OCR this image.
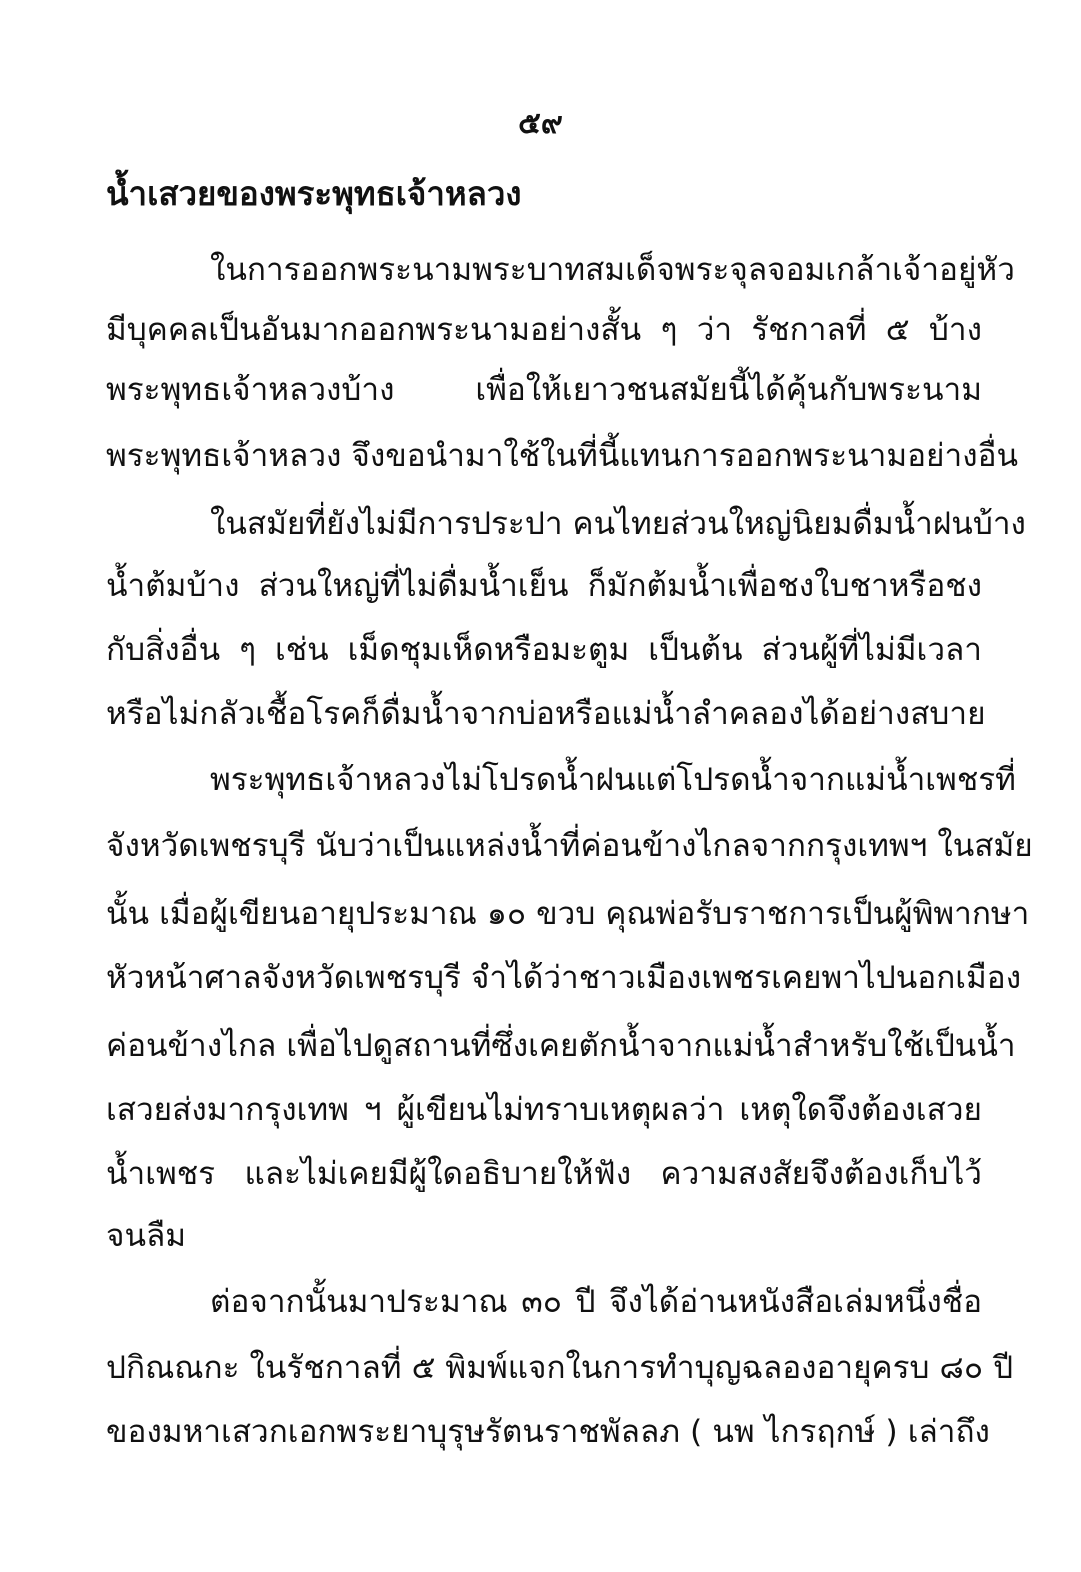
๕๙
น้ำเสวยของพระพุทธเจ้าหลวง
ในการออกพระนามพระบาทสมเด็จพระจุลจอมเกล้าเจ้าอยู่หัว
มีบุคคลเป็นอันมากออกพระนามอย่างสั้น ๆ ว่า รัชกาลที่ ๕ บ้าง
พระพุทธเจ้าหลวงบ้าง เพื่อให้เยาวชนสมัยนี้ได้คุ้นกับพระนาม
พระพุทธเจ้าหลวง จึงขอนำมาใช้ในที่นี้แทนการออกพระนามอย่างอื่น
ในสมัยที่ยังไม่มีการประปา คนไทยส่วนใหญ่นิยมดื่มน้ำฝนบ้าง
น้ำต้มบ้าง ส่วนใหญ่ที่ไม่ดื่มน้ำเย็น ก็มักต้มน้ำเพื่อชงใบชาหรือชง
กับสิ่งอื่น ๆ เช่น เม็ดชุมเห็ดหรือมะตูม เป็นต้น ส่วนผู้ที่ไม่มีเวลา
หรือไม่กลัวเชื้อโรคก็ดื่มน้ำจากบ่อหรือแม่น้ำลำคลองได้อย่างสบาย
พระพุทธเจ้าหลวงไม่โปรดน้ำฝนแต่โปรดน้ำจากแม่น้ำเพชรที่
จังหวัดเพชรบุรี นับว่าเป็นแหล่งน้ำที่ค่อนข้างไกลจากกรุงเทพฯ ในสมัย
นั้น เมื่อผู้เขียนอายุประมาณ ๑๐ ขวบ คุณพ่อรับราชการเป็นผู้พิพากษา
หัวหน้าศาลจังหวัดเพชรบุรี จำได้ว่าชาวเมืองเพชรเคยพาไปนอกเมือง
ค่อนข้างไกล เพื่อไปดูสถานที่ซึ่งเคยตักน้ำจากแม่น้ำสำหรับใช้เป็นน้ำ
เสวยส่งมากรุงเทพ ฯ ผู้เขียนไม่ทราบเหตุผลว่า เหตุใดจึงต้องเสวย
น้ำเพชร และไม่เคยมีผู้ใดอธิบายให้ฟัง ความสงสัยจึงต้องเก็บไว้
จนลืม
ต่อจากนั้นมาประมาณ ๓๐ ปี จึงได้อ่านหนังสือเล่มหนึ่งชื่อ
ปกิณณกะ ในรัชกาลที่ ๕ พิมพ์แจกในการทำบุญฉลองอายุครบ ๘๐ ปี
ของมหาเสวกเอกพระยาบุรุษรัตนราชพัลลภ ( นพ ไกรฤกษ์ ) เล่าถึง
